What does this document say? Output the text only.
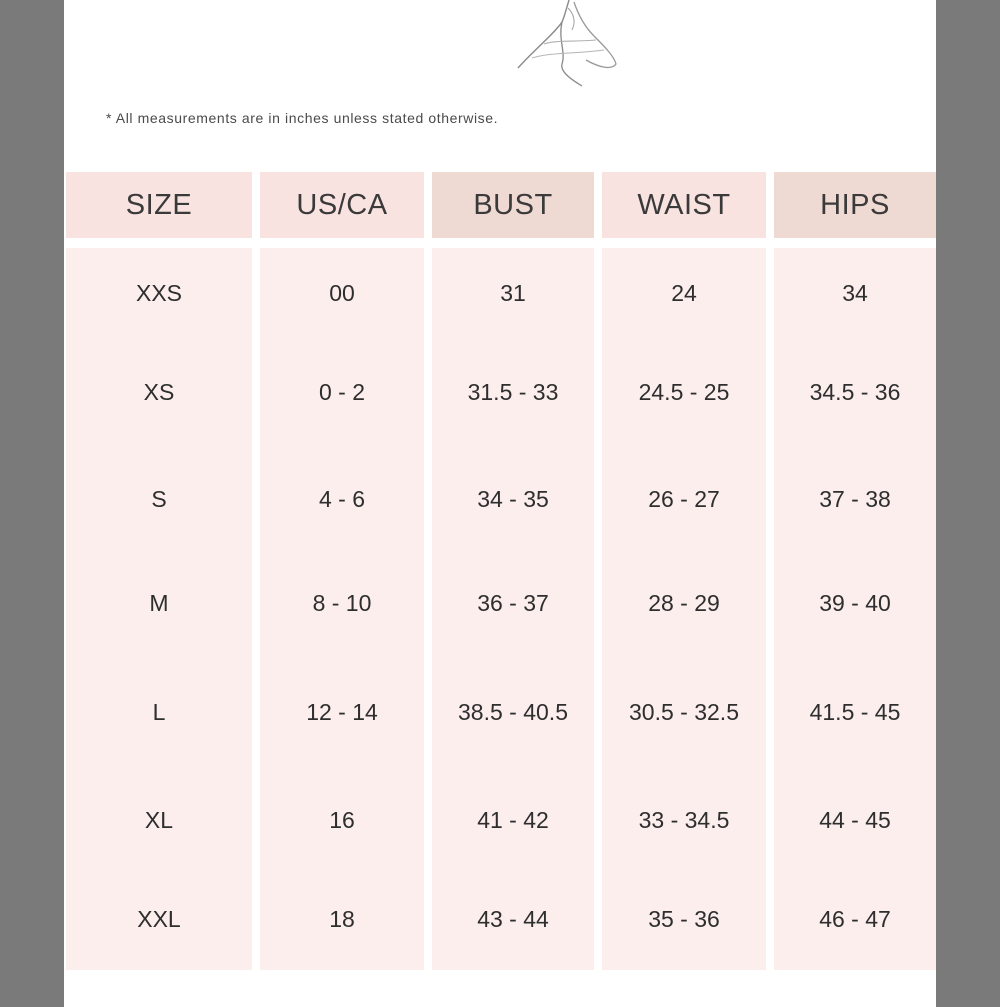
* All measurements are in inches unless stated otherwise.
SIZE	US/CA	BUST	WAIST	HIPS
XXS	00	31	24	34
XS	0 - 2	31.5 - 33	24.5 - 25	34.5 - 36
S	4 - 6	34 - 35	26 - 27	37 - 38
M	8 - 10	36 - 37	28 - 29	39 - 40
L	12 - 14	38.5 - 40.5	30.5 - 32.5	41.5 - 45
XL	16	41 - 42	33 - 34.5	44 - 45
XXL	18	43 - 44	35 - 36	46 - 47
